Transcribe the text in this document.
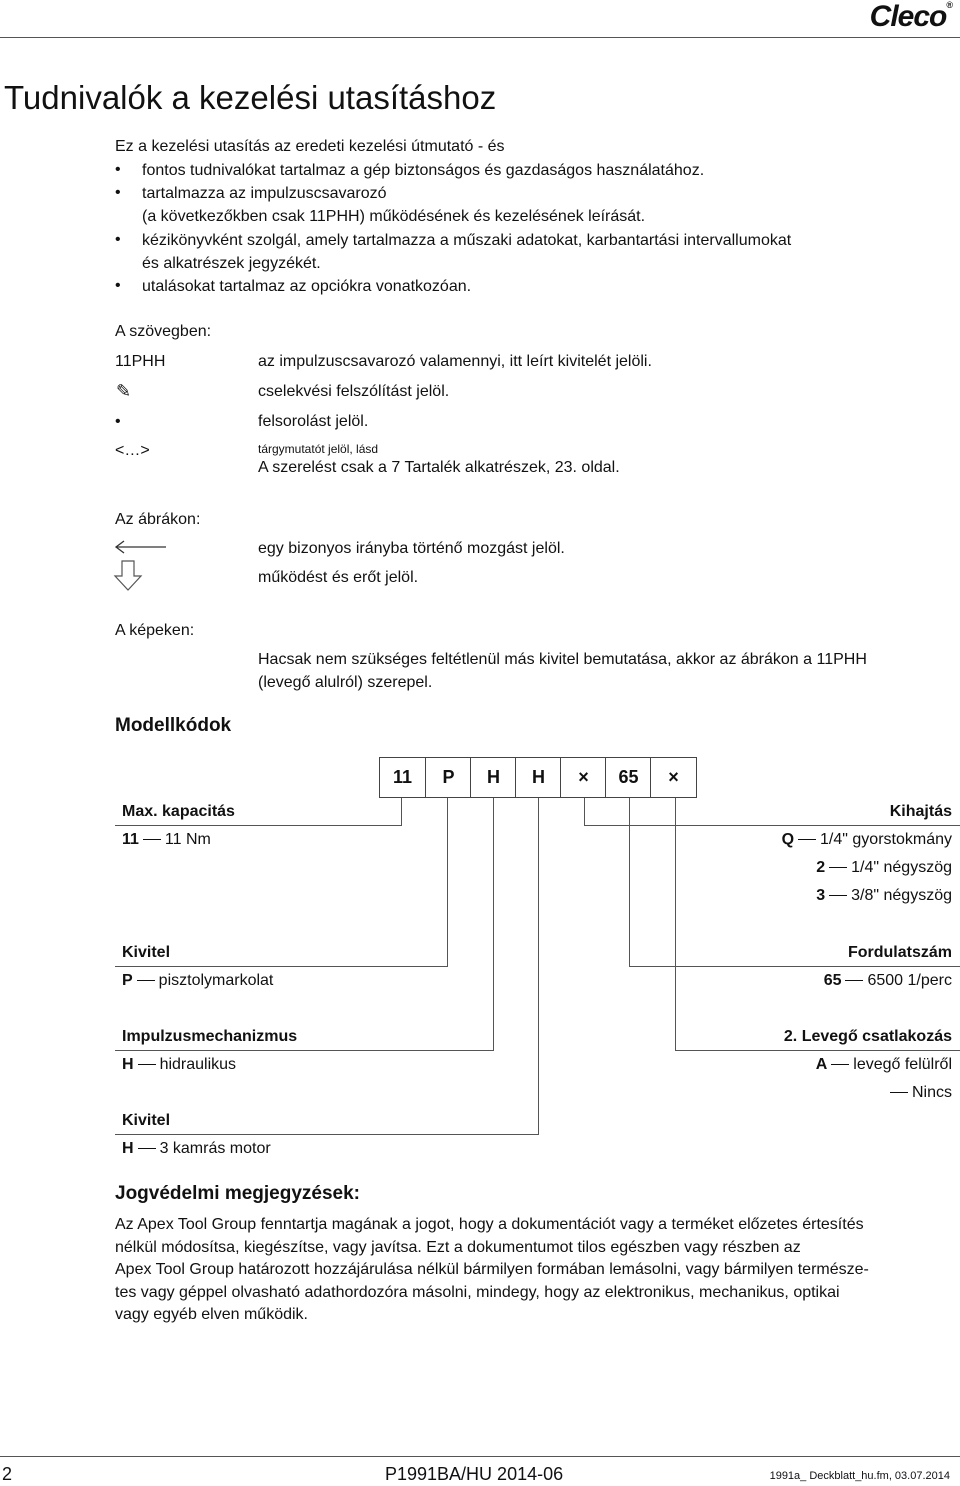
Cleco®
Tudnivalók a kezelési utasításhoz
Ez a kezelési utasítás az eredeti kezelési útmutató - és
• fontos tudnivalókat tartalmaz a gép biztonságos és gazdaságos használatához.
• tartalmazza az impulzuscsavarozó
(a következőkben csak 11PHH) működésének és kezelésének leírását.
• kézikönyvként szolgál, amely tartalmazza a műszaki adatokat, karbantartási intervallumokat
és alkatrészek jegyzékét.
• utalásokat tartalmaz az opciókra vonatkozóan.
A szövegben:
11PHH	az impulzuscsavarozó valamennyi, itt leírt kivitelét jelöli.
✎	cselekvési felszólítást jelöl.
•	felsorolást jelöl.
<…>	tárgymutatót jelöl, lásd
A szerelést csak a 7 Tartalék alkatrészek, 23. oldal.
Az ábrákon:
egy bizonyos irányba történő mozgást jelöl.
működést és erőt jelöl.
A képeken:
Hacsak nem szükséges feltétlenül más kivitel bemutatása, akkor az ábrákon a 11PHH
(levegő alulról) szerepel.
Modellkódok
11	P	H	H	×	65	×
Max. kapacitás
11 11 Nm
Kivitel
P pisztolymarkolat
Impulzusmechanizmus
H hidraulikus
Kivitel
H 3 kamrás motor
Kihajtás
Q 1/4" gyorstokmány
2 1/4" négyszög
3 3/8" négyszög
Fordulatszám
65 6500 1/perc
2. Levegő csatlakozás
A levegő felülről
Nincs
Jogvédelmi megjegyzések:
Az Apex Tool Group fenntartja magának a jogot, hogy a dokumentációt vagy a terméket előzetes értesítés
nélkül módosítsa, kiegészítse, vagy javítsa. Ezt a dokumentumot tilos egészben vagy részben az
Apex Tool Group határozott hozzájárulása nélkül bármilyen formában lemásolni, vagy bármilyen természe-
tes vagy géppel olvasható adathordozóra másolni, mindegy, hogy az elektronikus, mechanikus, optikai
vagy egyéb elven működik.
2	P1991BA/HU 2014-06	1991a_ Deckblatt_hu.fm, 03.07.2014
